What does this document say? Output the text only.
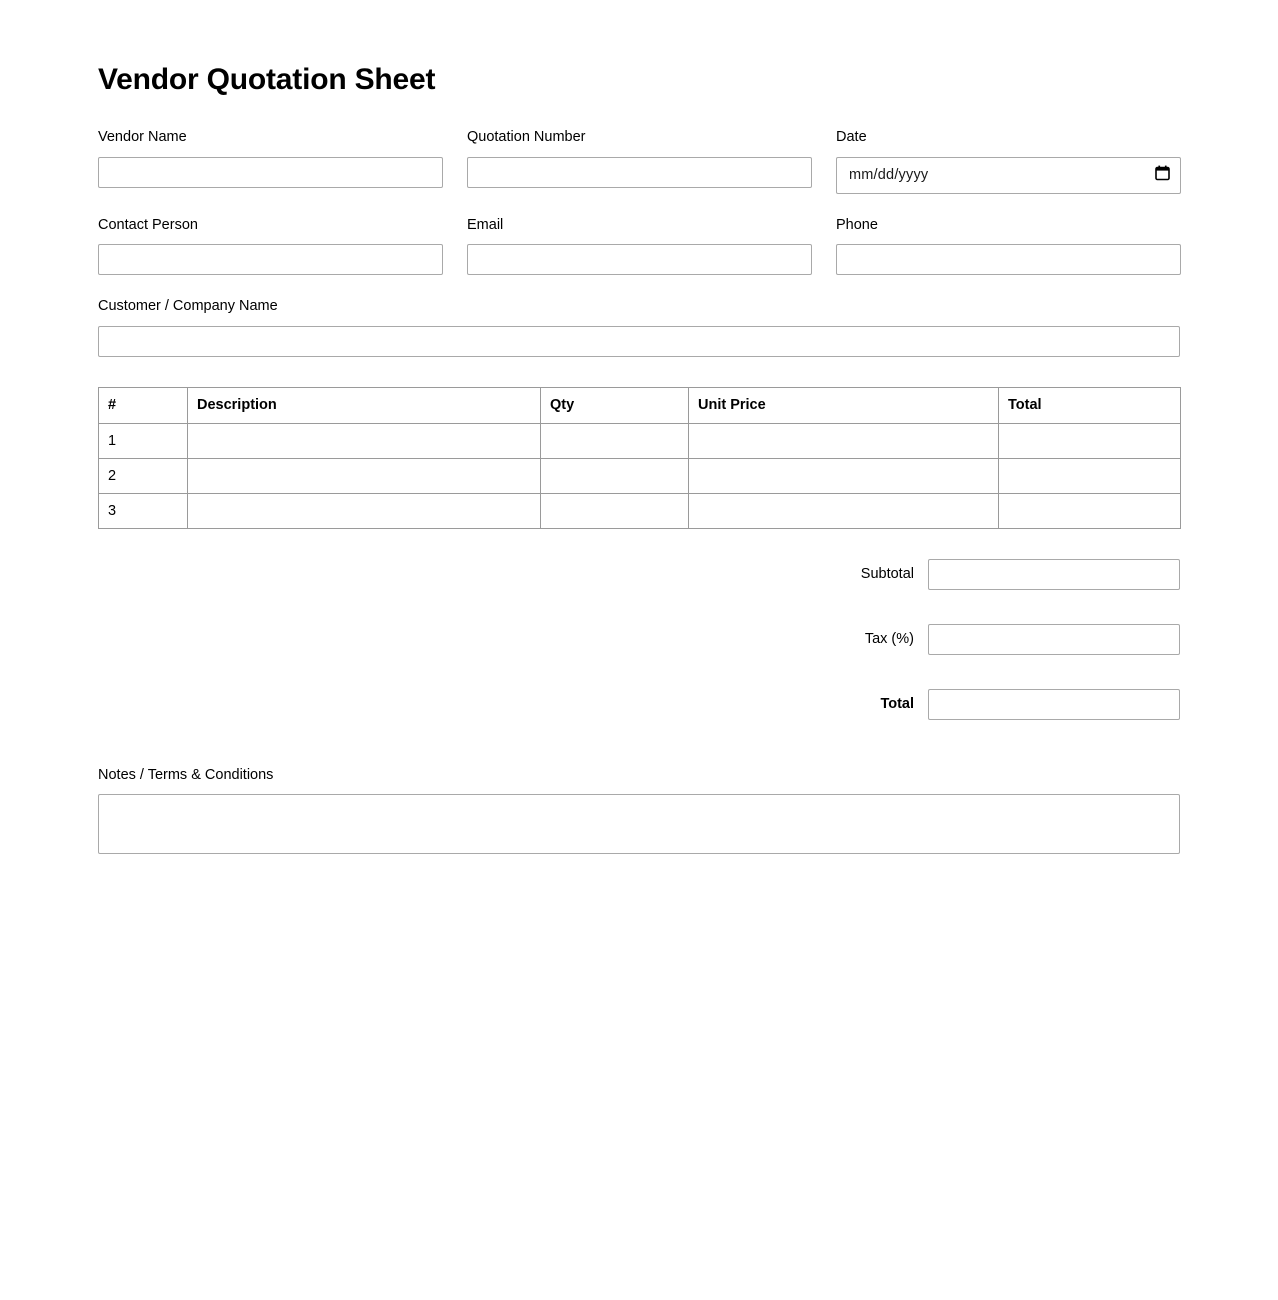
Vendor Quotation Sheet
Vendor Name	Quotation Number	Date
mm/dd/yyyy
Contact Person	Email	Phone
Customer / Company Name
#	Description	Qty	Unit Price	Total
1				
2				
3				
Subtotal
Tax (%)
Total
Notes / Terms & Conditions
